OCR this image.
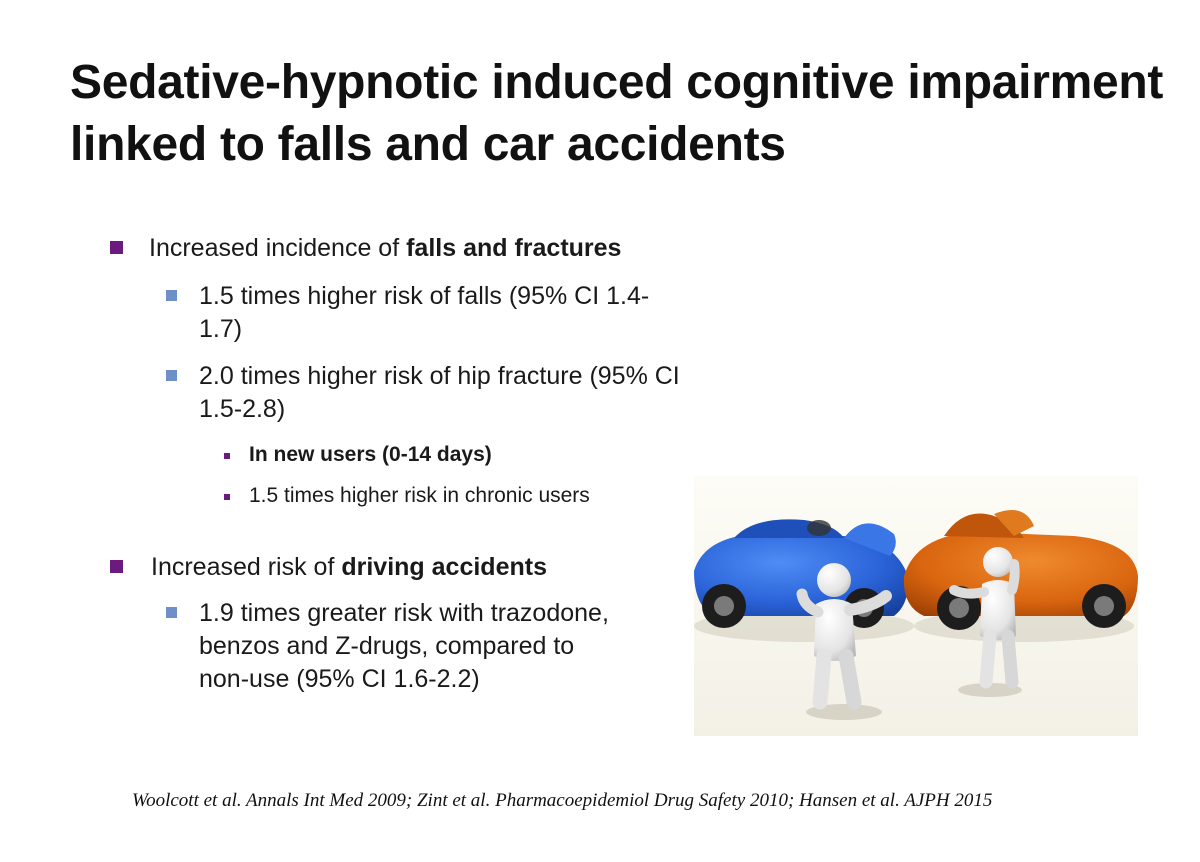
Sedative-hypnotic induced cognitive impairment linked to falls and car accidents
Increased incidence of falls and fractures
1.5 times higher risk of falls (95% CI 1.4-1.7)
2.0 times higher risk of hip fracture (95% CI 1.5-2.8)
In new users (0-14 days)
1.5 times higher risk in chronic users
Increased risk of driving accidents
1.9 times greater risk with trazodone, benzos and Z-drugs, compared to non-use (95% CI 1.6-2.2)
Woolcott et al. Annals Int Med 2009; Zint et al. Pharmacoepidemiol Drug Safety 2010; Hansen et al. AJPH 2015
